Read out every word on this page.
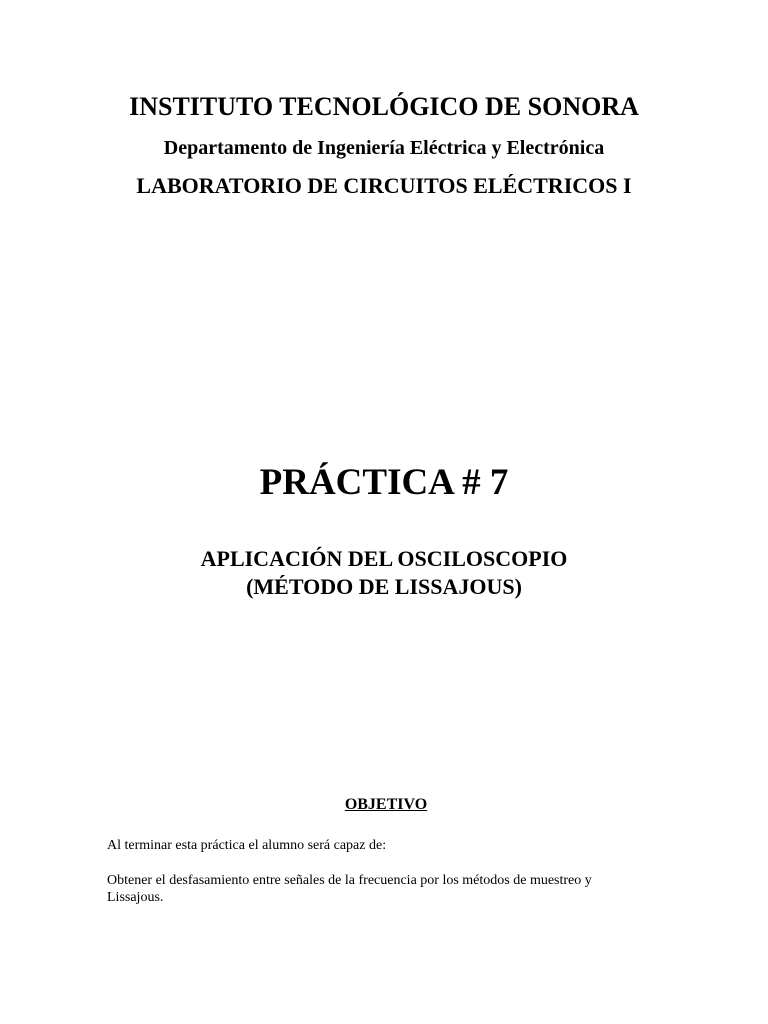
INSTITUTO TECNOLÓGICO DE SONORA
Departamento de Ingeniería Eléctrica y Electrónica
LABORATORIO DE CIRCUITOS ELÉCTRICOS I
PRÁCTICA # 7
APLICACIÓN DEL OSCILOSCOPIO
(MÉTODO DE LISSAJOUS)
OBJETIVO
Al terminar esta práctica el alumno será capaz de:
Obtener el desfasamiento entre señales de la frecuencia por los métodos de muestreo y Lissajous.
